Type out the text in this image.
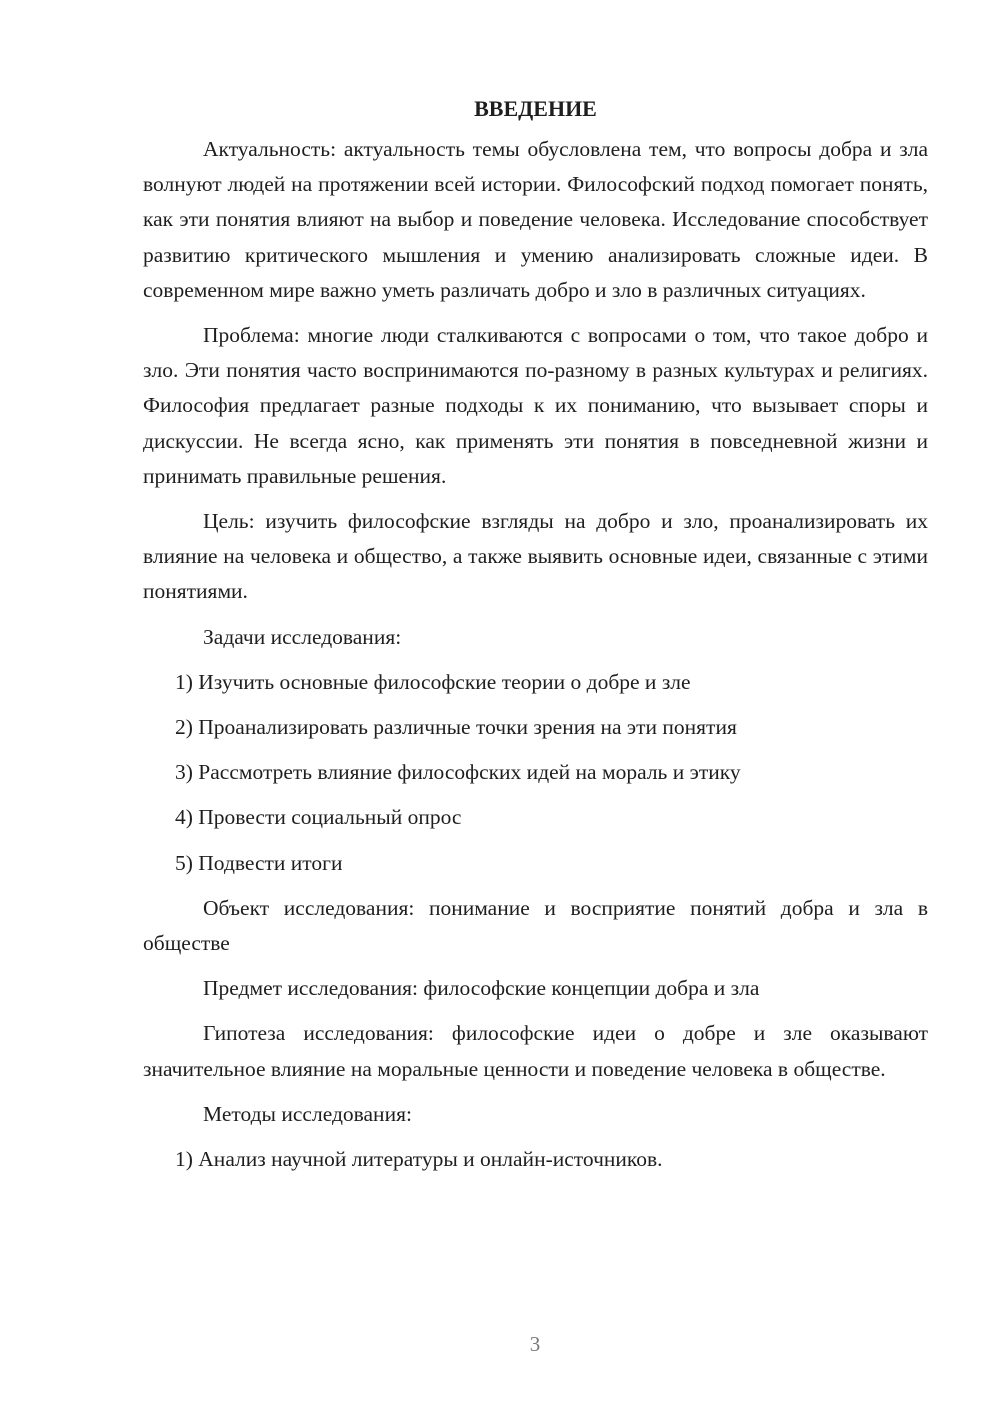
ВВЕДЕНИЕ

Актуальность: актуальность темы обусловлена тем, что вопросы добра и зла волнуют людей на протяжении всей истории. Философский подход помогает понять, как эти понятия влияют на выбор и поведение человека. Исследование способствует развитию критического мышления и умению анализировать сложные идеи. В современном мире важно уметь различать добро и зло в различных ситуациях.

Проблема: многие люди сталкиваются с вопросами о том, что такое добро и зло. Эти понятия часто воспринимаются по-разному в разных культурах и религиях. Философия предлагает разные подходы к их пониманию, что вызывает споры и дискуссии. Не всегда ясно, как применять эти понятия в повседневной жизни и принимать правильные решения.

Цель: изучить философские взгляды на добро и зло, проанализировать их влияние на человека и общество, а также выявить основные идеи, связанные с этими понятиями.

Задачи исследования:

1) Изучить основные философские теории о добре и зле

2) Проанализировать различные точки зрения на эти понятия

3) Рассмотреть влияние философских идей на мораль и этику

4) Провести социальный опрос

5) Подвести итоги

Объект исследования: понимание и восприятие понятий добра и зла в обществе

Предмет исследования: философские концепции добра и зла

Гипотеза исследования: философские идеи о добре и зле оказывают значительное влияние на моральные ценности и поведение человека в обществе.

Методы исследования:

1) Анализ научной литературы и онлайн-источников.

3
